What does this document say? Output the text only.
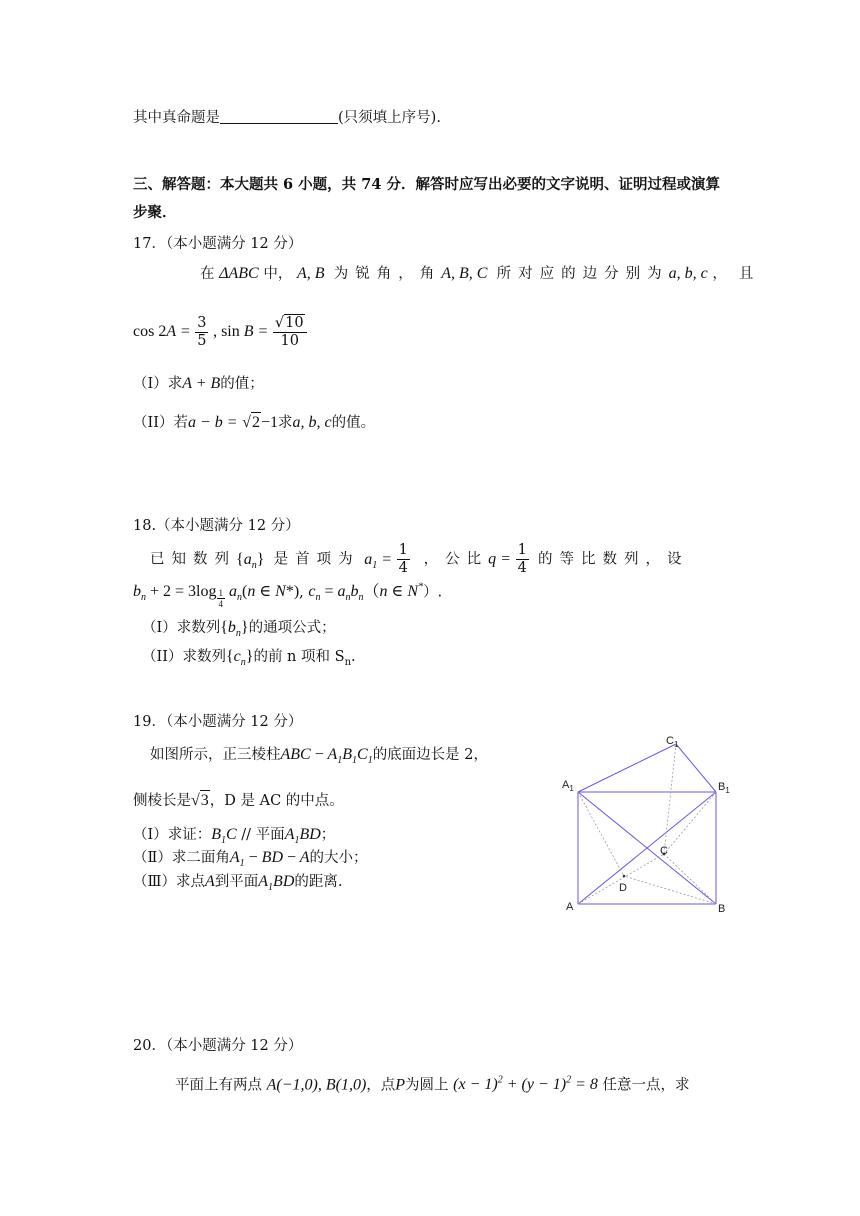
其中真命题是	(只须填上序号).
三、解答题：本大题共 6 小题，共 74 分．解答时应写出必要的文字说明、证明过程或演算
步聚．
17．（本小题满分 12 分）
在 ΔABC 中， A, B 为锐角，角A, B, C 所对应的边分别为a, b, c ，且
$\cos 2A = \frac{3}{5}$ , $\sin B = \frac{√10}{10}$
（I）求A + B的值；
（II）若a − b = √2−1求a, b, c的值。
18.（本小题满分 12 分）
已知数列$\{a_n\}$ 是首项为 $a_1 = \frac{1}{4}$ ，公比$q = \frac{1}{4}$ 的等比数列，设
$b_n + 2 = 3\log$ $_{\frac{1}{4}}$ $a_n(n$ ∈ N*), $c_n = a_nb_n(n$ ∈ N*）.
（I）求数列$\{b_n\}$的通项公式；
（II）求数列$\{c_n\}$的前 n 项和 $S_n$.
19．（本小题满分 12 分）
如图所示，正三棱柱ABC − $A_1B_1C_1$的底面边长是 2，
侧棱长是√3，D 是 AC 的中点。
（Ⅰ）求证：$B_1C$ // 平面$A_1BD$；
（Ⅱ）求二面角$A_1$ − BD − A的大小；
（Ⅲ）求点A到平面$A_1BD$的距离.
$C_1$
$A_1$	$B_1$
C
D
A	B
20．（本小题满分 12 分）
平面上有两点 A(−1,0), B(1,0)，点P为圆上 $(x - 1)^2 + (y - 1)^2 = 8$ 任意一点，求
